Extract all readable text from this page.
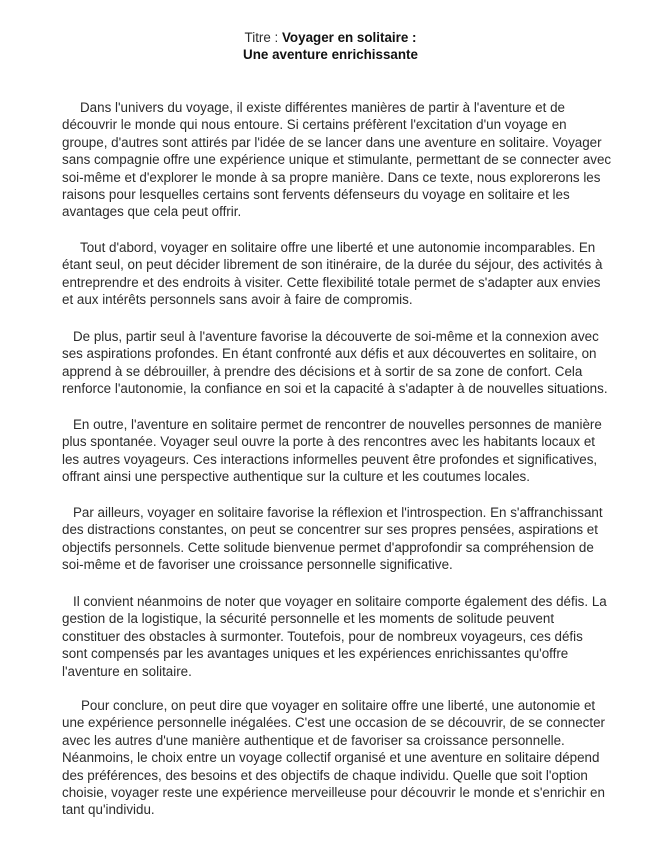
Titre : Voyager en solitaire :
Une aventure enrichissante
Dans l'univers du voyage, il existe différentes manières de partir à l'aventure et de
découvrir le monde qui nous entoure. Si certains préfèrent l'excitation d'un voyage en
groupe, d'autres sont attirés par l'idée de se lancer dans une aventure en solitaire. Voyager
sans compagnie offre une expérience unique et stimulante, permettant de se connecter avec
soi-même et d'explorer le monde à sa propre manière. Dans ce texte, nous explorerons les
raisons pour lesquelles certains sont fervents défenseurs du voyage en solitaire et les
avantages que cela peut offrir.
Tout d'abord, voyager en solitaire offre une liberté et une autonomie incomparables. En
étant seul, on peut décider librement de son itinéraire, de la durée du séjour, des activités à
entreprendre et des endroits à visiter. Cette flexibilité totale permet de s'adapter aux envies
et aux intérêts personnels sans avoir à faire de compromis.
De plus, partir seul à l'aventure favorise la découverte de soi-même et la connexion avec
ses aspirations profondes. En étant confronté aux défis et aux découvertes en solitaire, on
apprend à se débrouiller, à prendre des décisions et à sortir de sa zone de confort. Cela
renforce l'autonomie, la confiance en soi et la capacité à s'adapter à de nouvelles situations.
En outre, l'aventure en solitaire permet de rencontrer de nouvelles personnes de manière
plus spontanée. Voyager seul ouvre la porte à des rencontres avec les habitants locaux et
les autres voyageurs. Ces interactions informelles peuvent être profondes et significatives,
offrant ainsi une perspective authentique sur la culture et les coutumes locales.
Par ailleurs, voyager en solitaire favorise la réflexion et l'introspection. En s'affranchissant
des distractions constantes, on peut se concentrer sur ses propres pensées, aspirations et
objectifs personnels. Cette solitude bienvenue permet d'approfondir sa compréhension de
soi-même et de favoriser une croissance personnelle significative.
Il convient néanmoins de noter que voyager en solitaire comporte également des défis. La
gestion de la logistique, la sécurité personnelle et les moments de solitude peuvent
constituer des obstacles à surmonter. Toutefois, pour de nombreux voyageurs, ces défis
sont compensés par les avantages uniques et les expériences enrichissantes qu'offre
l'aventure en solitaire.
Pour conclure, on peut dire que voyager en solitaire offre une liberté, une autonomie et
une expérience personnelle inégalées. C'est une occasion de se découvrir, de se connecter
avec les autres d'une manière authentique et de favoriser sa croissance personnelle.
Néanmoins, le choix entre un voyage collectif organisé et une aventure en solitaire dépend
des préférences, des besoins et des objectifs de chaque individu. Quelle que soit l'option
choisie, voyager reste une expérience merveilleuse pour découvrir le monde et s'enrichir en
tant qu'individu.
